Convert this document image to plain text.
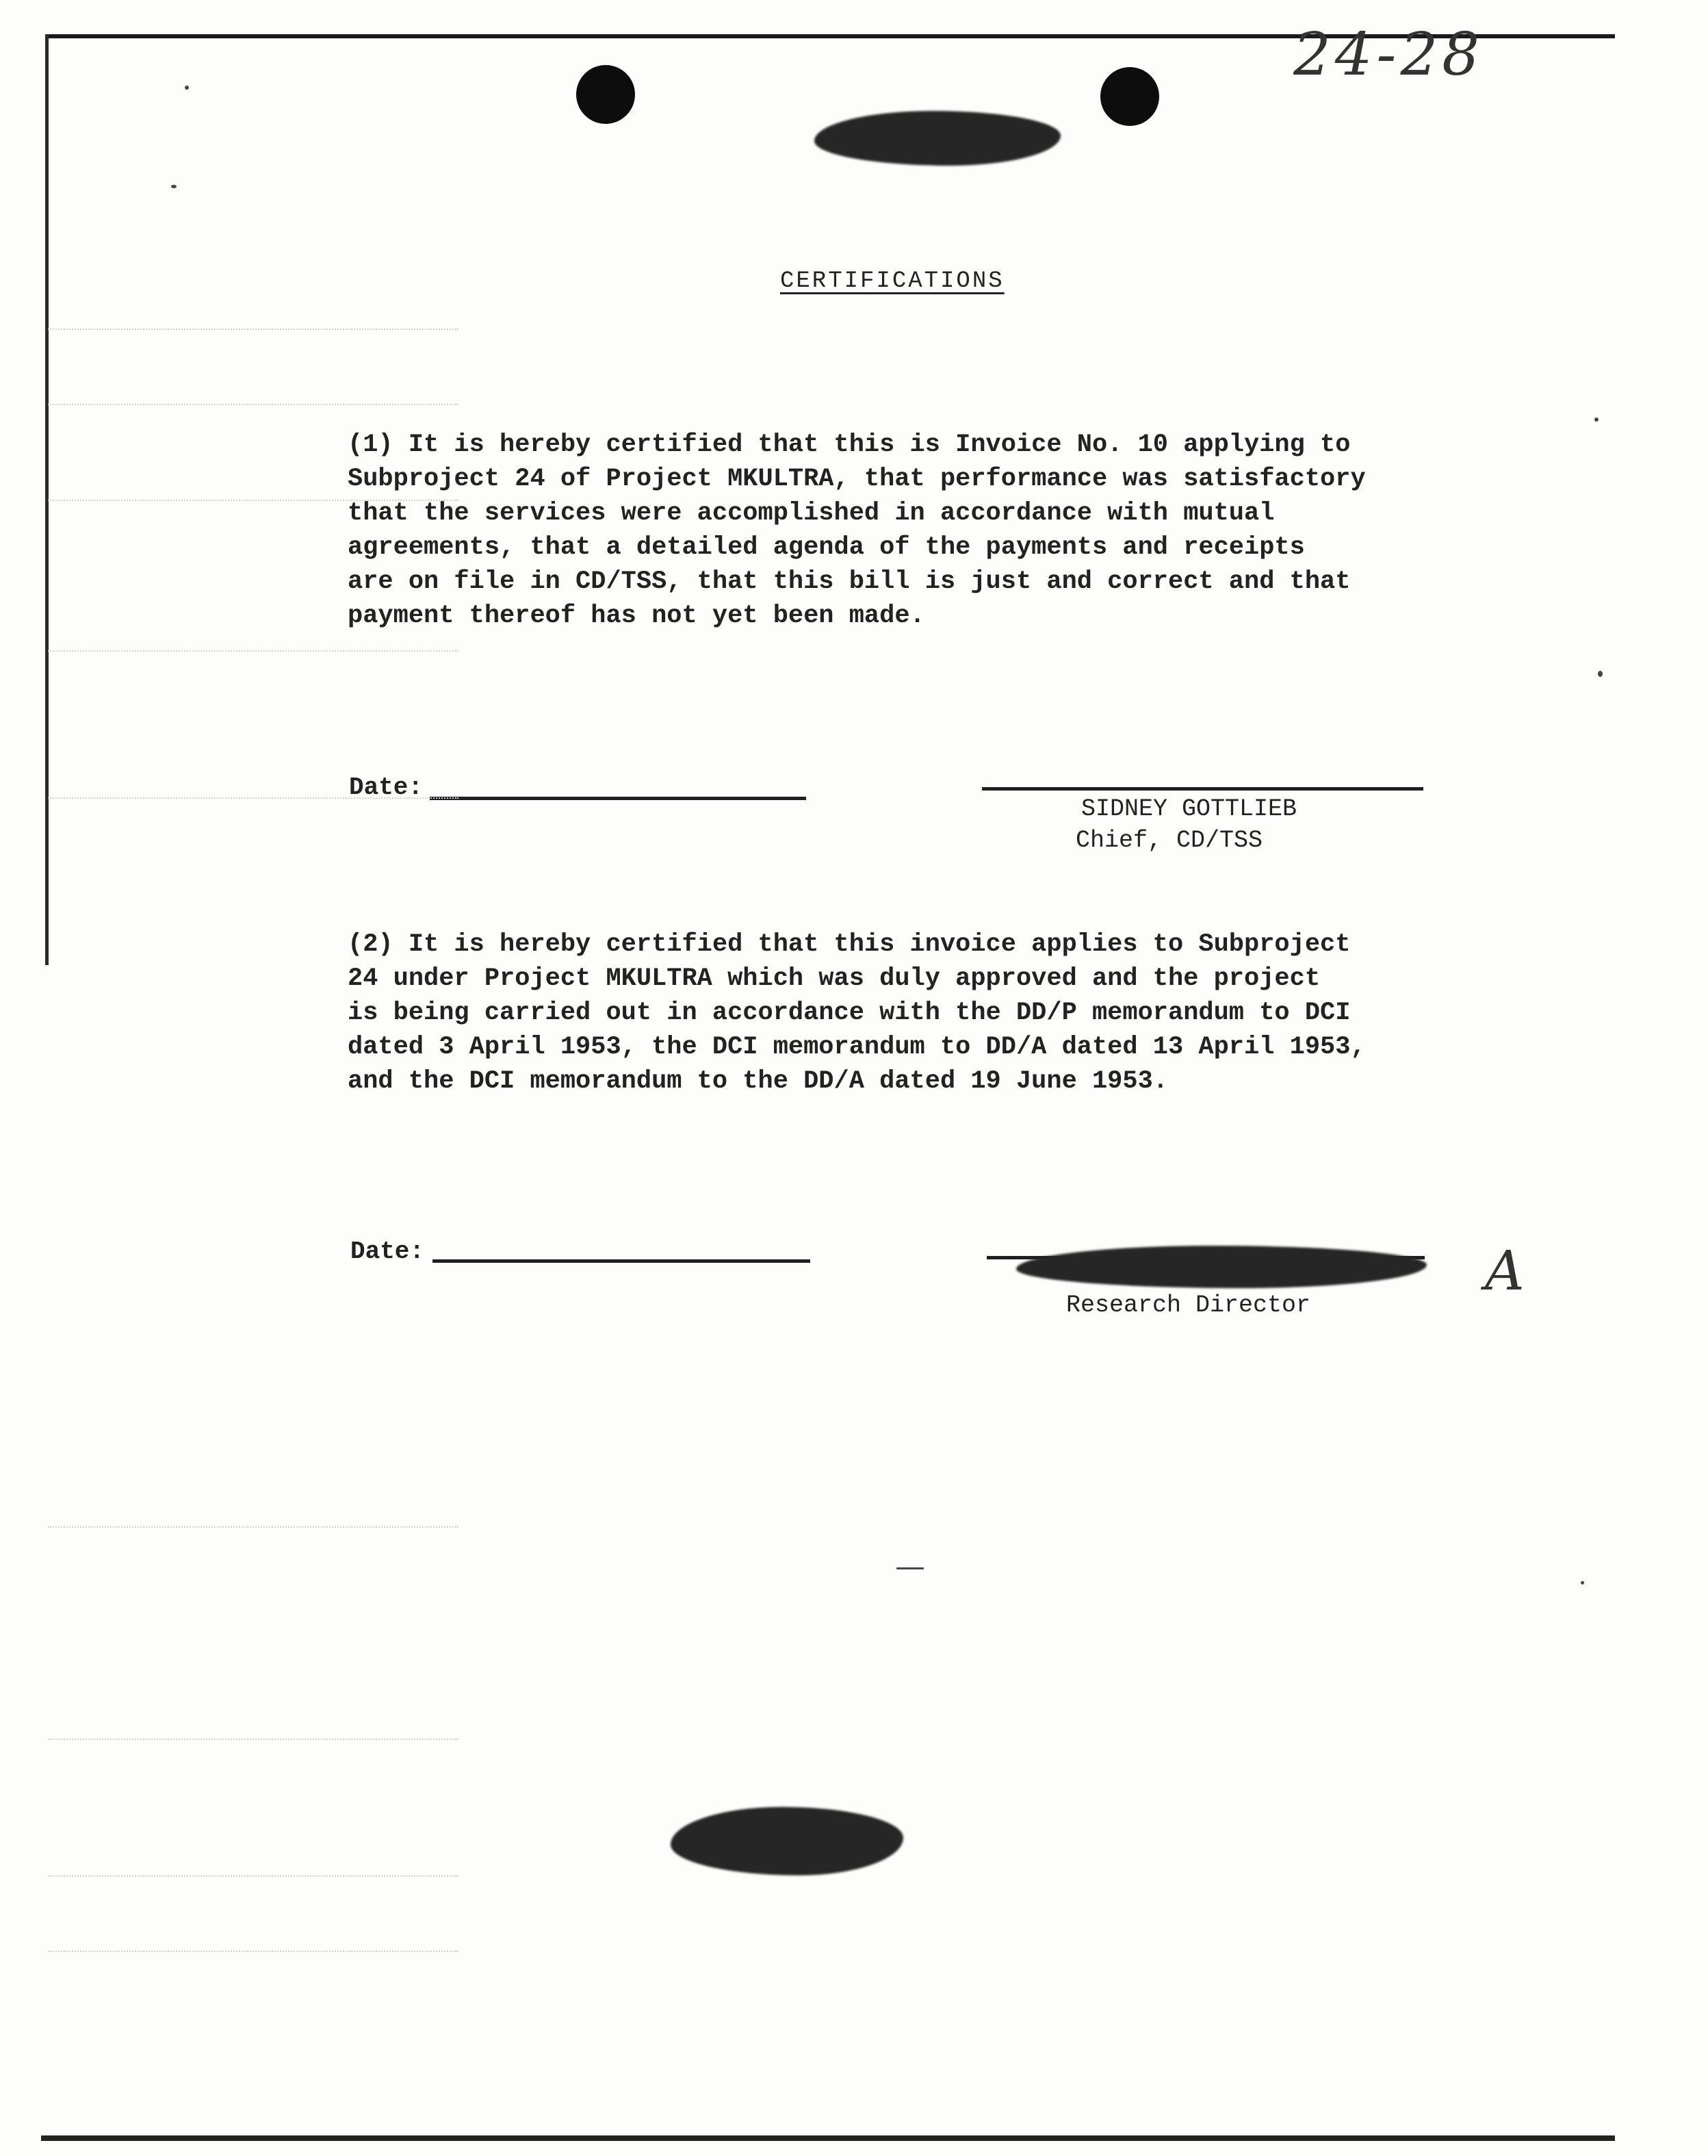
24-28
CERTIFICATIONS
(1) It is hereby certified that this is Invoice No. 10 applying to
Subproject 24 of Project MKULTRA, that performance was satisfactory
that the services were accomplished in accordance with mutual
agreements, that a detailed agenda of the payments and receipts
are on file in CD/TSS, that this bill is just and correct and that
payment thereof has not yet been made.
Date:
SIDNEY GOTTLIEB
Chief, CD/TSS
(2) It is hereby certified that this invoice applies to Subproject
24 under Project MKULTRA which was duly approved and the project
is being carried out in accordance with the DD/P memorandum to DCI
dated 3 April 1953, the DCI memorandum to DD/A dated 13 April 1953,
and the DCI memorandum to the DD/A dated 19 June 1953.
Date:
Research Director
A
